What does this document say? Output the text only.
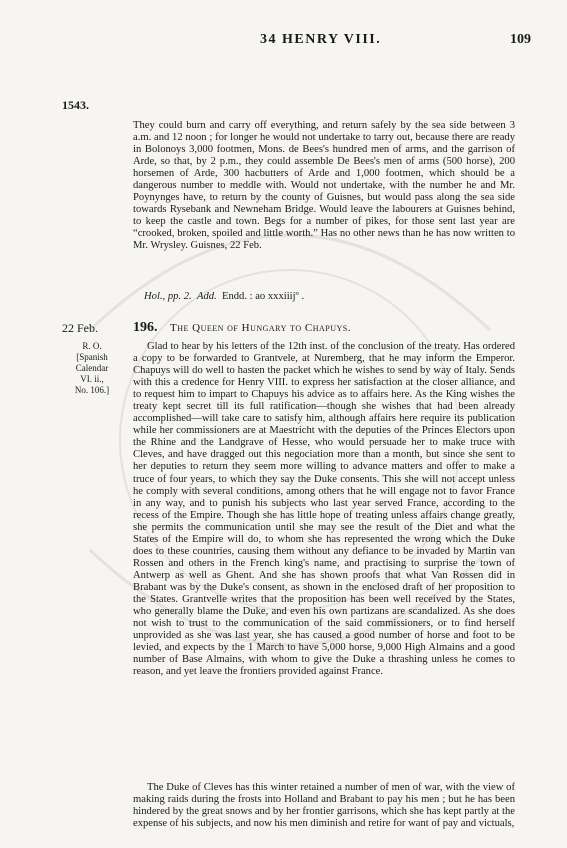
34 HENRY VIII.	109
1543.

They could burn and carry off everything, and return safely by the sea side between 3 a.m. and 12 noon ; for longer he would not undertake to tarry out, because there are ready in Bolonoys 3,000 footmen, Mons. de Bees's hundred men of arms, and the garrison of Arde, so that, by 2 p.m., they could assemble De Bees's men of arms (500 horse), 200 horsemen of Arde, 300 hacbutters of Arde and 1,000 footmen, which should be a dangerous number to meddle with. Would not undertake, with the number he and Mr. Poynynges have, to return by the county of Guisnes, but would pass along the sea side towards Rysebank and Newneham Bridge. Would leave the labourers at Guisnes behind, to keep the castle and town. Begs for a number of pikes, for those sent last year are “crooked, broken, spoiled and little worth.” Has no other news than he has now written to Mr. Wrysley. Guisnes, 22 Feb.

Hol., pp. 2. Add. Endd. : ao xxxiiijº .
22 Feb.	196. The Queen of Hungary to Chapuys.
R. O.
[Spanish
Calendar
VI. ii.,
No. 106.]

Glad to hear by his letters of the 12th inst. of the conclusion of the treaty. Has ordered a copy to be forwarded to Grantvele, at Nuremberg, that he may inform the Emperor. Chapuys will do well to hasten the packet which he wishes to send by way of Italy. Sends with this a credence for Henry VIII. to express her satisfaction at the closer alliance, and to request him to impart to Chapuys his advice as to affairs here. As the King wishes the treaty kept secret till its full ratification—though she wishes that had been already accomplished—will take care to satisfy him, although affairs here require its publication while her commissioners are at Maestricht with the deputies of the Princes Electors upon the Rhine and the Landgrave of Hesse, who would persuade her to make truce with Cleves, and have dragged out this negociation more than a month, but since she sent to her deputies to return they seem more willing to advance matters and offer to make a truce of four years, to which they say the Duke consents. This she will not accept unless he comply with several conditions, among others that he will engage not to favor France in any way, and to punish his subjects who last year served France, according to the recess of the Empire. Though she has little hope of treating unless affairs change greatly, she permits the communication until she may see the result of the Diet and what the States of the Empire will do, to whom she has represented the wrong which the Duke does to these countries, causing them without any defiance to be invaded by Martin van Rossen and others in the French king's name, and practising to surprise the town of Antwerp as well as Ghent. And she has shown proofs that what Van Rossen did in Brabant was by the Duke's consent, as shown in the enclosed draft of her proposition to the States. Grantvelle writes that the proposition has been well received by the States, who generally blame the Duke, and even his own partizans are scandalized. As she does not wish to trust to the communication of the said commissioners, or to find herself unprovided as she was last year, she has caused a good number of horse and foot to be levied, and expects by the 1 March to have 5,000 horse, 9,000 High Almains and a good number of Base Almains, with whom to give the Duke a thrashing unless he comes to reason, and yet leave the frontiers provided against France.

The Duke of Cleves has this winter retained a number of men of war, with the view of making raids during the frosts into Holland and Brabant to pay his men ; but he has been hindered by the great snows and by her frontier garrisons, which she has kept partly at the expense of his subjects, and now his men diminish and retire for want of pay and victuals,
